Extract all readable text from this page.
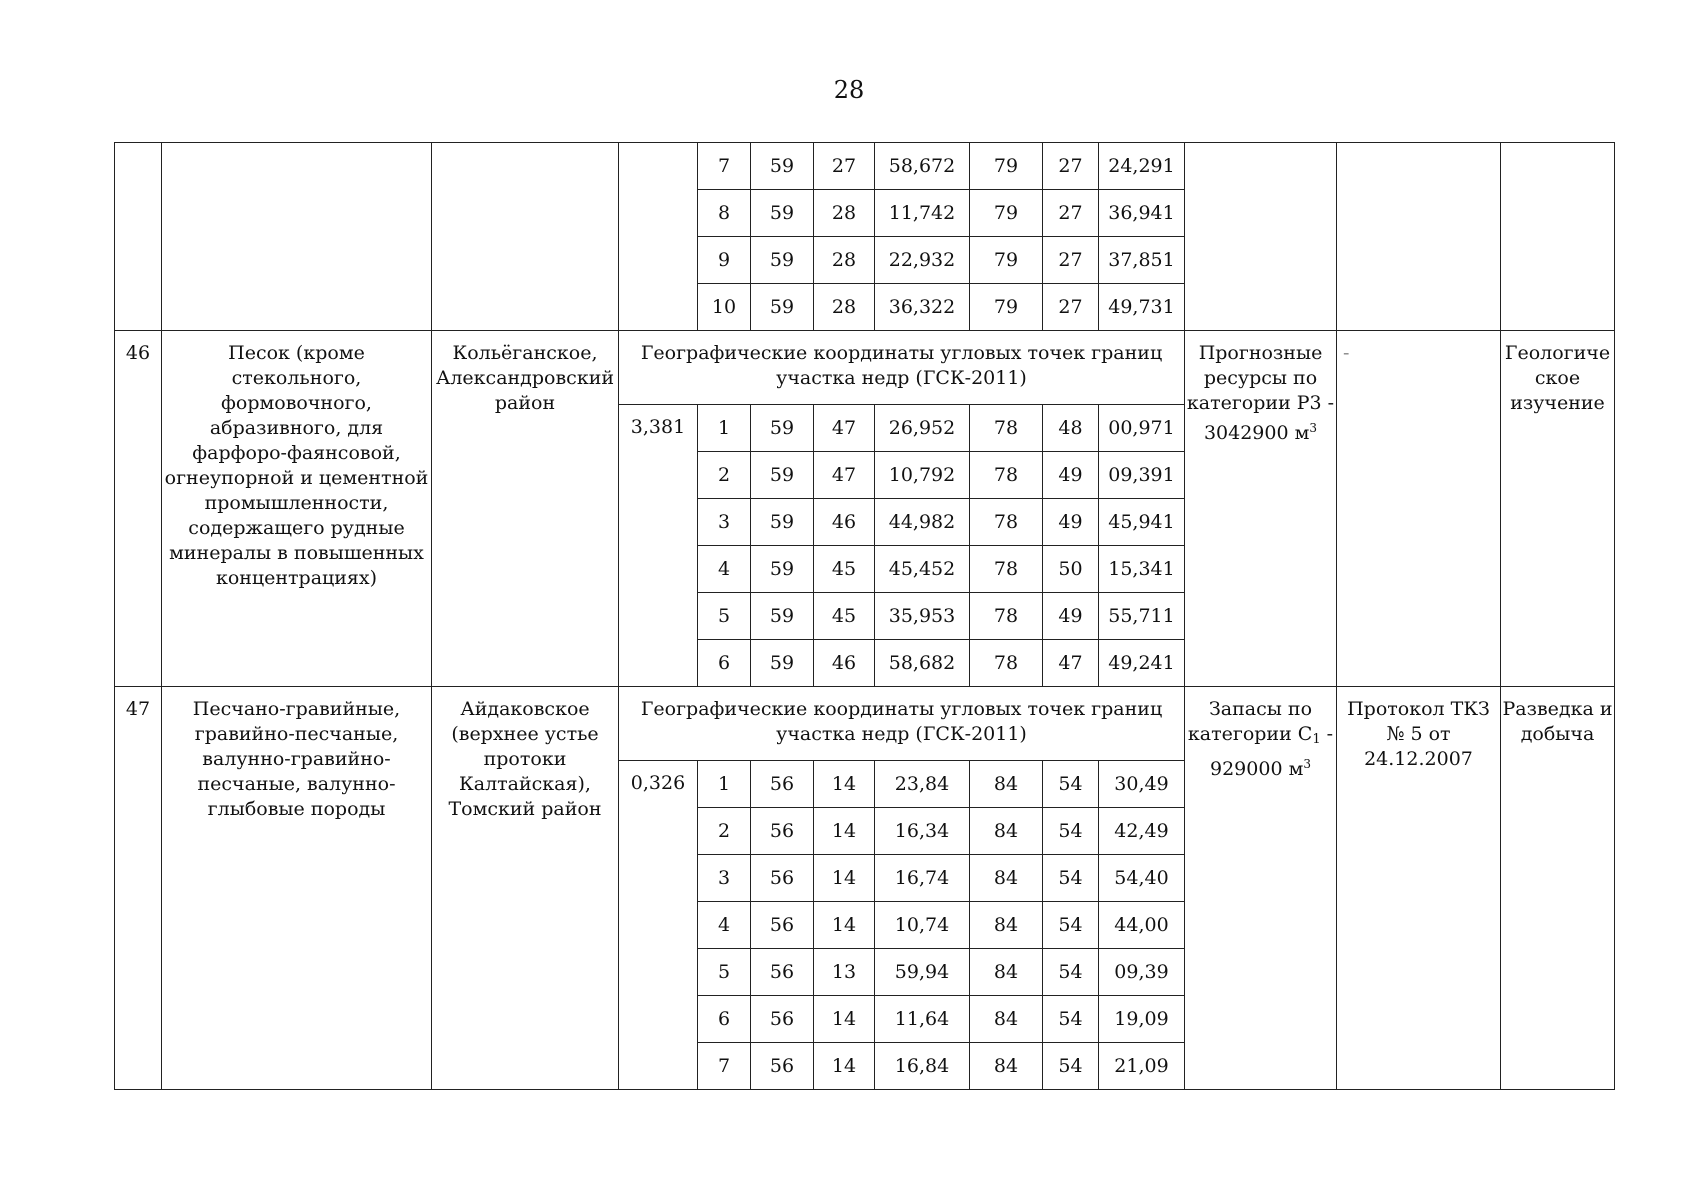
28
				7	59	27	58,672	79	27	24,291			
				8	59	28	11,742	79	27	36,941			
				9	59	28	22,932	79	27	37,851			
				10	59	28	36,322	79	27	49,731			
46	Песок (кроме стекольного, формовочного, абразивного, для фарфоро-фаянсовой, огнеупорной и цементной промышленности, содержащего рудные минералы в повышенных концентрациях)	Кольёганское, Александровский район	Географические координаты угловых точек границ участка недр (ГСК-2011)								Прогнозные ресурсы по категории Р3 - 3042900 $м^3$	-	Геологиче ское изучение
			3,381	1	59	47	26,952	78	48	00,971			
				2	59	47	10,792	78	49	09,391			
				3	59	46	44,982	78	49	45,941			
				4	59	45	45,452	78	50	15,341			
				5	59	45	35,953	78	49	55,711			
				6	59	46	58,682	78	47	49,241			
47	Песчано-гравийные, гравийно-песчаные, валунно-гравийно-песчаные, валунно-глыбовые породы	Айдаковское (верхнее устье протоки Калтайская), Томский район	Географические координаты угловых точек границ участка недр (ГСК-2011)								Запасы по категории $С_1 - 929000$ $м^3$	Протокол ТКЗ № 5 от 24.12.2007	Разведка и добыча
			0,326	1	56	14	23,84	84	54	30,49			
				2	56	14	16,34	84	54	42,49			
				3	56	14	16,74	84	54	54,40			
				4	56	14	10,74	84	54	44,00			
				5	56	13	59,94	84	54	09,39			
				6	56	14	11,64	84	54	19,09			
				7	56	14	16,84	84	54	21,09			
